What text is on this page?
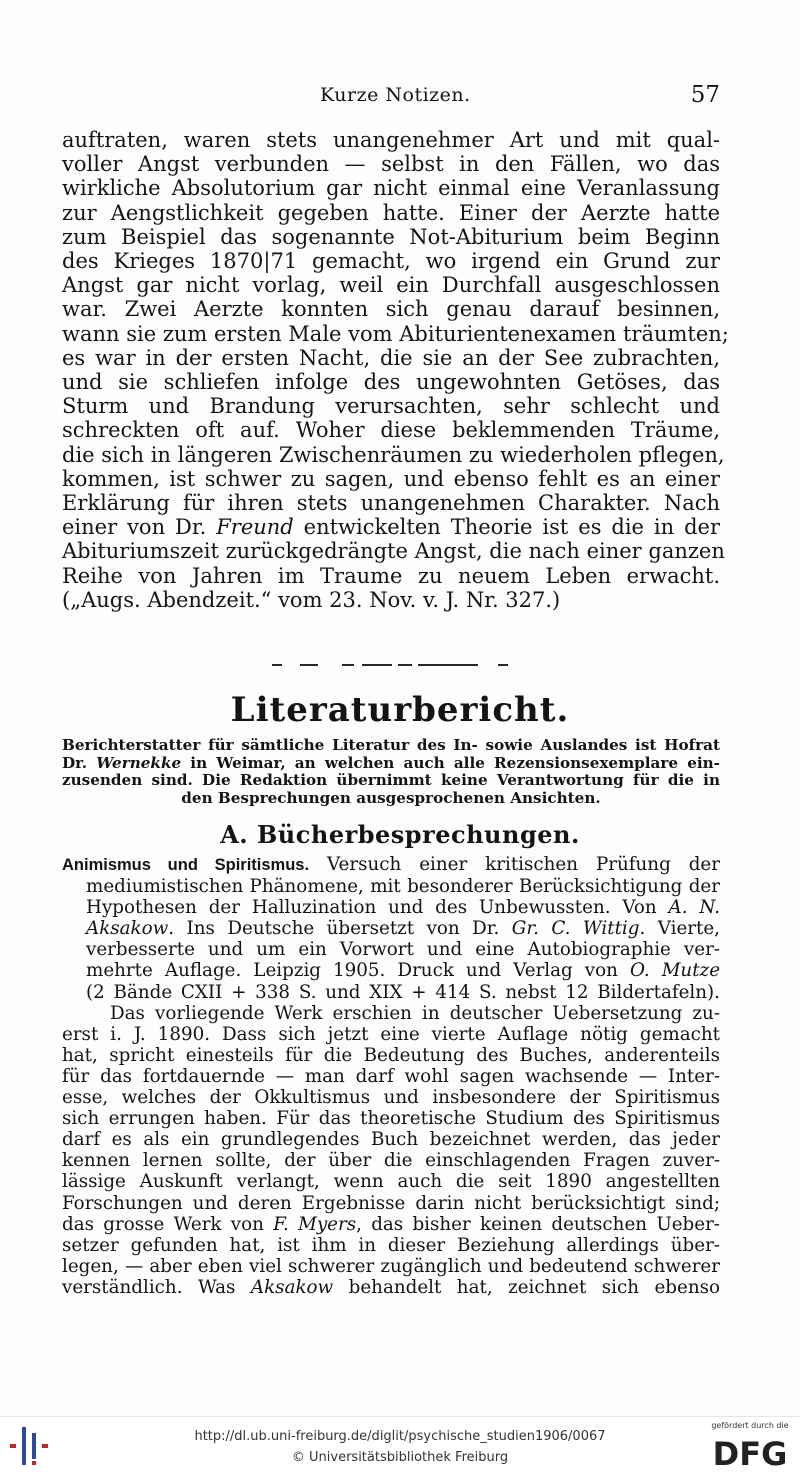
Kurze Notizen.	57
auftraten, waren stets unangenehmer Art und mit qual-
voller Angst verbunden — selbst in den Fällen, wo das
wirkliche Absolutorium gar nicht einmal eine Veranlassung
zur Aengstlichkeit gegeben hatte. Einer der Aerzte hatte
zum Beispiel das sogenannte Not-Abiturium beim Beginn
des Krieges 1870|71 gemacht, wo irgend ein Grund zur
Angst gar nicht vorlag, weil ein Durchfall ausgeschlossen
war. Zwei Aerzte konnten sich genau darauf besinnen,
wann sie zum ersten Male vom Abiturientenexamen träumten;
es war in der ersten Nacht, die sie an der See zubrachten,
und sie schliefen infolge des ungewohnten Getöses, das
Sturm und Brandung verursachten, sehr schlecht und
schreckten oft auf. Woher diese beklemmenden Träume,
die sich in längeren Zwischenräumen zu wiederholen pflegen,
kommen, ist schwer zu sagen, und ebenso fehlt es an einer
Erklärung für ihren stets unangenehmen Charakter. Nach
einer von Dr. Freund entwickelten Theorie ist es die in der
Abituriumszeit zurückgedrängte Angst, die nach einer ganzen
Reihe von Jahren im Traume zu neuem Leben erwacht.
(„Augs. Abendzeit.“ vom 23. Nov. v. J. Nr. 327.)
Literaturbericht.
Berichterstatter für sämtliche Literatur des In- sowie Auslandes ist Hofrat
Dr. Wernekke in Weimar, an welchen auch alle Rezensionsexemplare ein-
zusenden sind. Die Redaktion übernimmt keine Verantwortung für die in
den Besprechungen ausgesprochenen Ansichten.
A. Bücherbesprechungen.
Animismus und Spiritismus. Versuch einer kritischen Prüfung der
mediumistischen Phänomene, mit besonderer Berücksichtigung der
Hypothesen der Halluzination und des Unbewussten. Von A. N.
Aksakow. Ins Deutsche übersetzt von Dr. Gr. C. Wittig. Vierte,
verbesserte und um ein Vorwort und eine Autobiographie ver-
mehrte Auflage. Leipzig 1905. Druck und Verlag von O. Mutze
(2 Bände CXII + 338 S. und XIX + 414 S. nebst 12 Bildertafeln).
Das vorliegende Werk erschien in deutscher Uebersetzung zu-
erst i. J. 1890. Dass sich jetzt eine vierte Auflage nötig gemacht
hat, spricht einesteils für die Bedeutung des Buches, anderenteils
für das fortdauernde — man darf wohl sagen wachsende — Inter-
esse, welches der Okkultismus und insbesondere der Spiritismus
sich errungen haben. Für das theoretische Studium des Spiritismus
darf es als ein grundlegendes Buch bezeichnet werden, das jeder
kennen lernen sollte, der über die einschlagenden Fragen zuver-
lässige Auskunft verlangt, wenn auch die seit 1890 angestellten
Forschungen und deren Ergebnisse darin nicht berücksichtigt sind;
das grosse Werk von F. Myers, das bisher keinen deutschen Ueber-
setzer gefunden hat, ist ihm in dieser Beziehung allerdings über-
legen, — aber eben viel schwerer zugänglich und bedeutend schwerer
verständlich. Was Aksakow behandelt hat, zeichnet sich ebenso
http://dl.ub.uni-freiburg.de/diglit/psychische_studien1906/0067
© Universitätsbibliothek Freiburg
gefördert durch die
DFG
